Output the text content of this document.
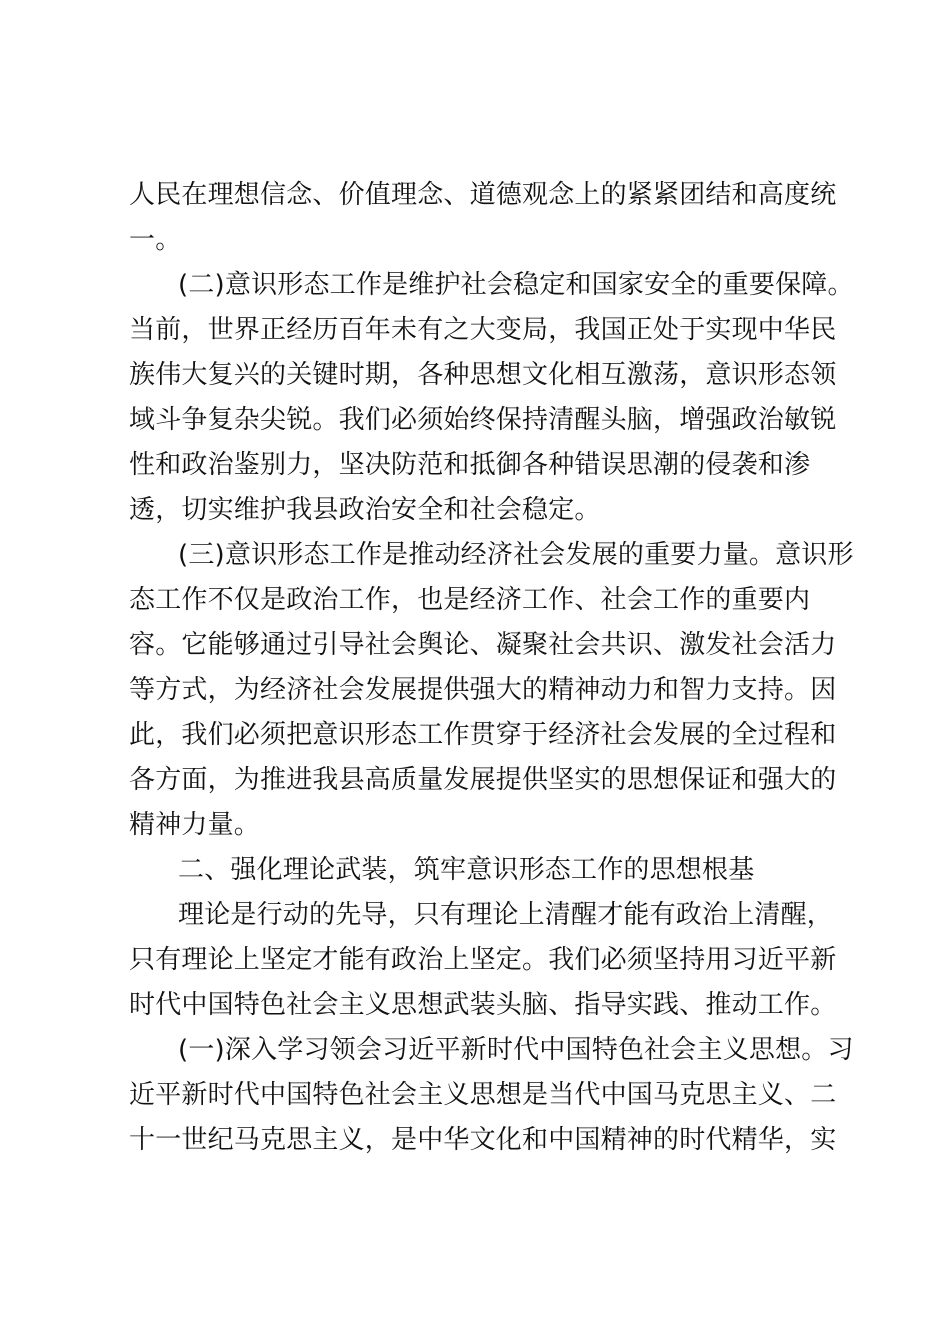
人民在理想信念、价值理念、道德观念上的紧紧团结和高度统
一。
(二)意识形态工作是维护社会稳定和国家安全的重要保障。
当前，世界正经历百年未有之大变局，我国正处于实现中华民
族伟大复兴的关键时期，各种思想文化相互激荡，意识形态领
域斗争复杂尖锐。我们必须始终保持清醒头脑，增强政治敏锐
性和政治鉴别力，坚决防范和抵御各种错误思潮的侵袭和渗
透，切实维护我县政治安全和社会稳定。
(三)意识形态工作是推动经济社会发展的重要力量。意识形
态工作不仅是政治工作，也是经济工作、社会工作的重要内
容。它能够通过引导社会舆论、凝聚社会共识、激发社会活力
等方式，为经济社会发展提供强大的精神动力和智力支持。因
此，我们必须把意识形态工作贯穿于经济社会发展的全过程和
各方面，为推进我县高质量发展提供坚实的思想保证和强大的
精神力量。
二、强化理论武装，筑牢意识形态工作的思想根基
理论是行动的先导，只有理论上清醒才能有政治上清醒，
只有理论上坚定才能有政治上坚定。我们必须坚持用习近平新
时代中国特色社会主义思想武装头脑、指导实践、推动工作。
(一)深入学习领会习近平新时代中国特色社会主义思想。习
近平新时代中国特色社会主义思想是当代中国马克思主义、二
十一世纪马克思主义，是中华文化和中国精神的时代精华，实
